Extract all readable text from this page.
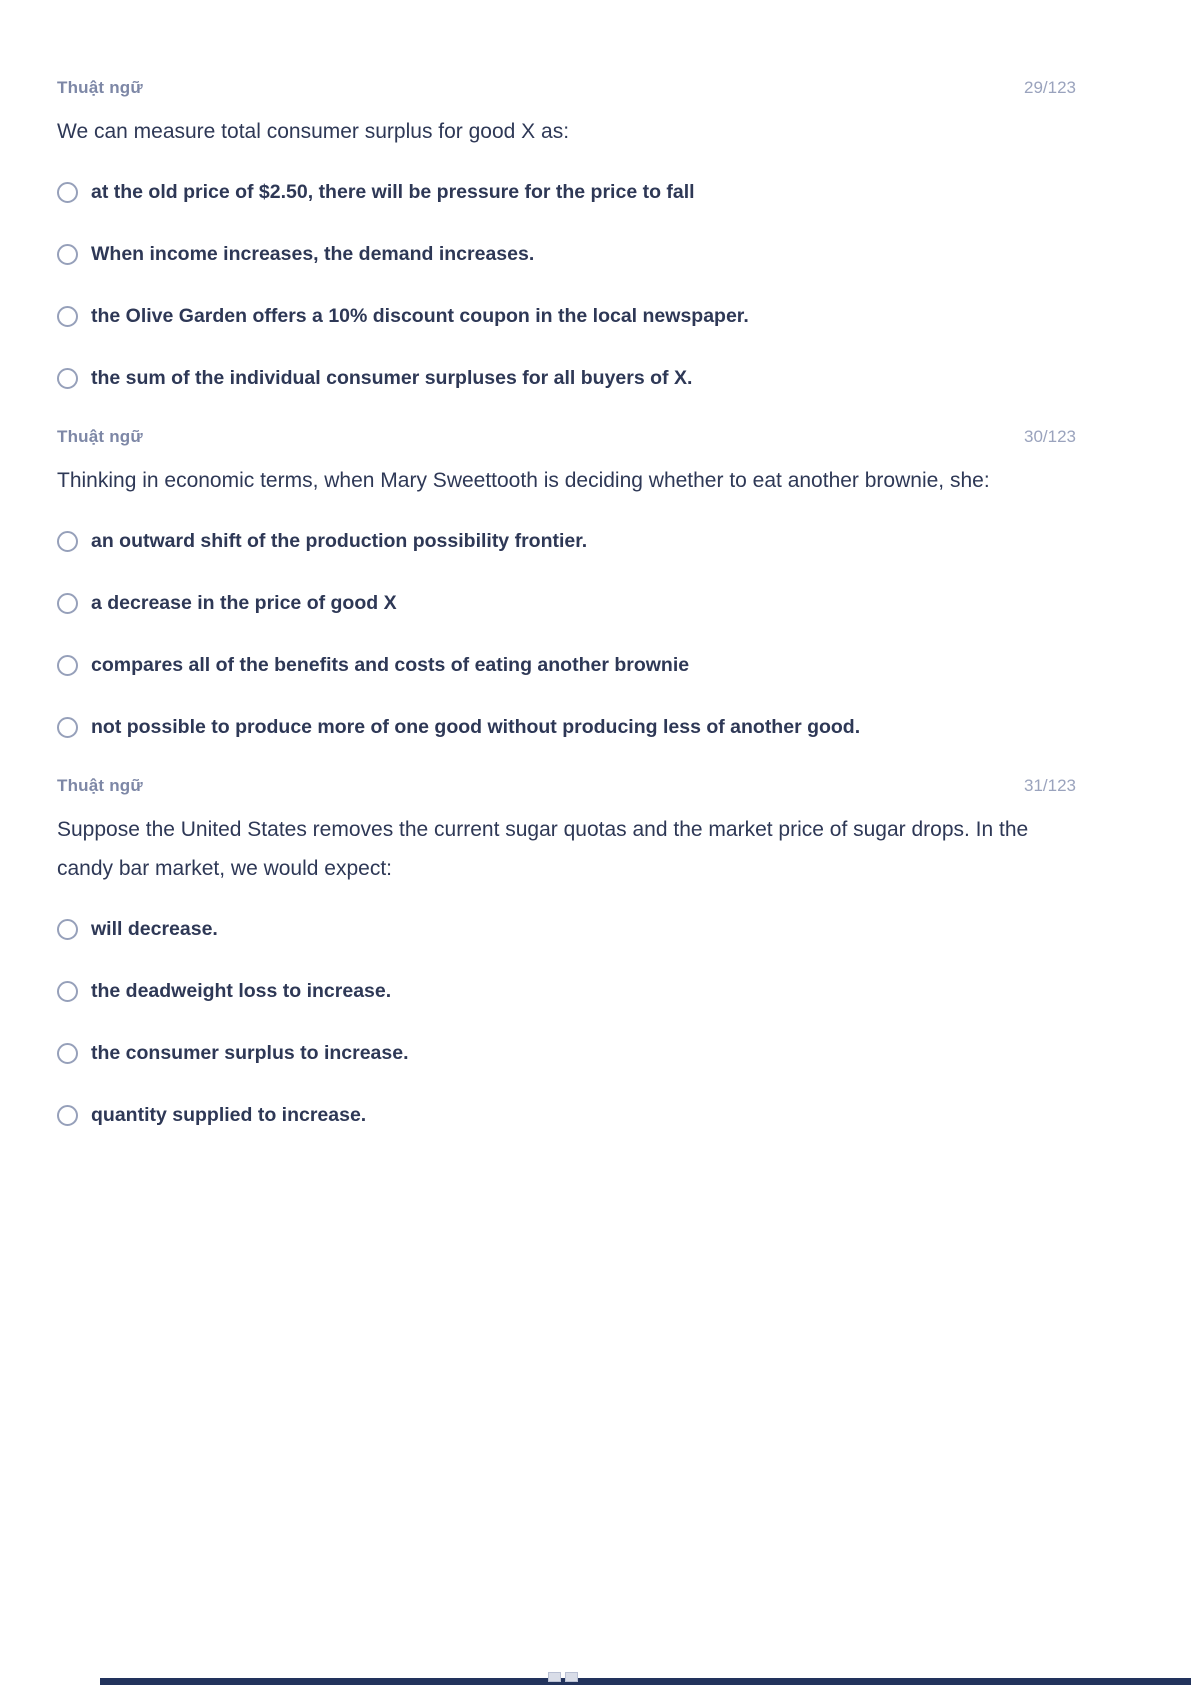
Thuật ngữ	29/123

We can measure total consumer surplus for good X as:

at the old price of $2.50, there will be pressure for the price to fall
When income increases, the demand increases.
the Olive Garden offers a 10% discount coupon in the local newspaper.
the sum of the individual consumer surpluses for all buyers of X.
Thuật ngữ	30/123

Thinking in economic terms, when Mary Sweettooth is deciding whether to eat another brownie, she:

an outward shift of the production possibility frontier.
a decrease in the price of good X
compares all of the benefits and costs of eating another brownie
not possible to produce more of one good without producing less of another good.
Thuật ngữ	31/123

Suppose the United States removes the current sugar quotas and the market price of sugar drops. In the candy bar market, we would expect:

will decrease.
the deadweight loss to increase.
the consumer surplus to increase.
quantity supplied to increase.
